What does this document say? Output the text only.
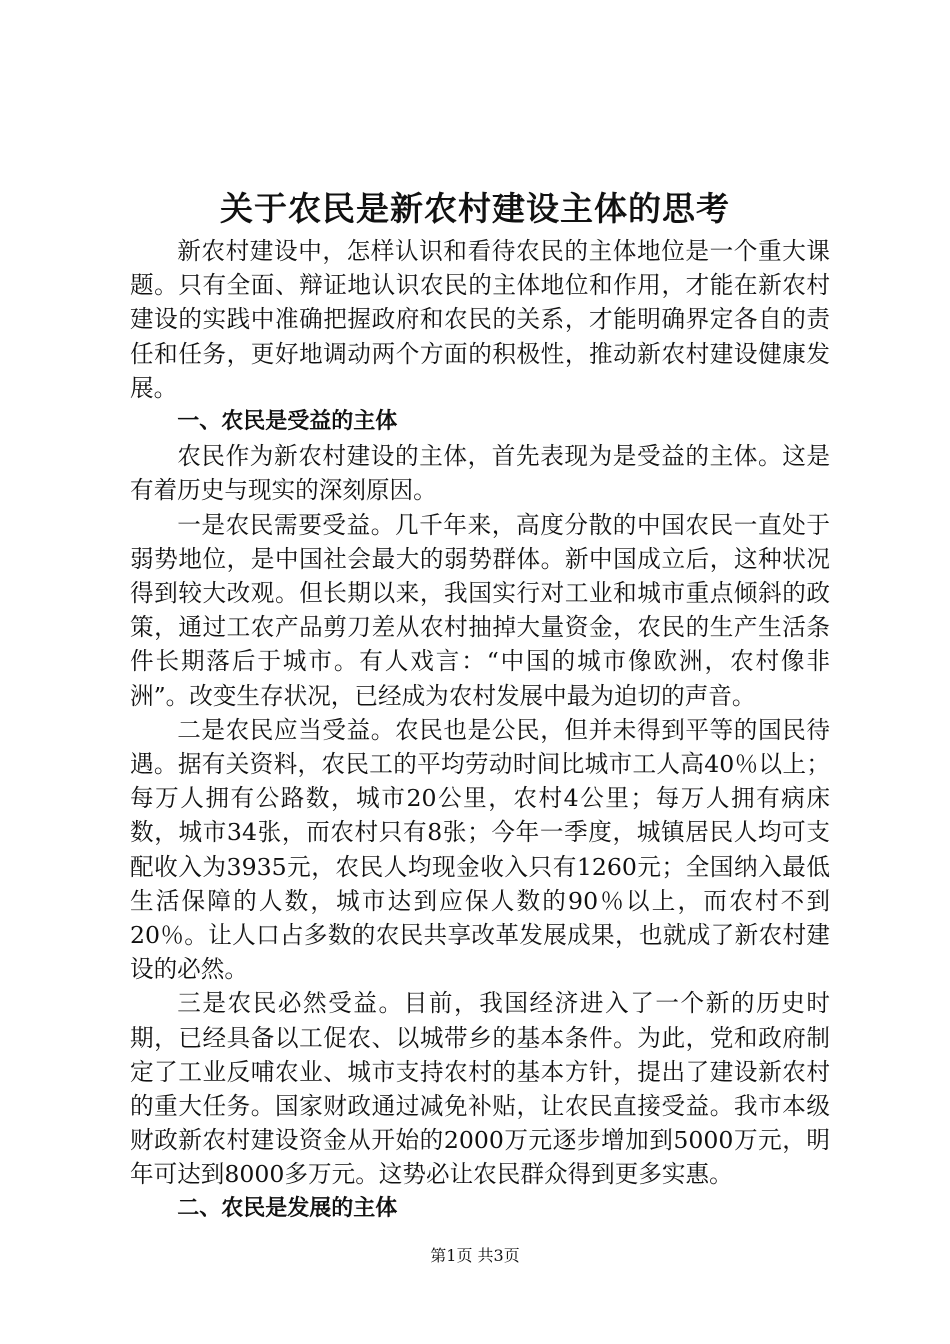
关于农民是新农村建设主体的思考

新农村建设中，怎样认识和看待农民的主体地位是一个重大课题。只有全面、辩证地认识农民的主体地位和作用，才能在新农村建设的实践中准确把握政府和农民的关系，才能明确界定各自的责任和任务，更好地调动两个方面的积极性，推动新农村建设健康发展。

一、农民是受益的主体

农民作为新农村建设的主体，首先表现为是受益的主体。这是有着历史与现实的深刻原因。

一是农民需要受益。几千年来，高度分散的中国农民一直处于弱势地位，是中国社会最大的弱势群体。新中国成立后，这种状况得到较大改观。但长期以来，我国实行对工业和城市重点倾斜的政策，通过工农产品剪刀差从农村抽掉大量资金，农民的生产生活条件长期落后于城市。有人戏言：“中国的城市像欧洲，农村像非洲”。改变生存状况，已经成为农村发展中最为迫切的声音。

二是农民应当受益。农民也是公民，但并未得到平等的国民待遇。据有关资料，农民工的平均劳动时间比城市工人高40％以上；每万人拥有公路数，城市20公里，农村4公里；每万人拥有病床数，城市34张，而农村只有8张；今年一季度，城镇居民人均可支配收入为3935元，农民人均现金收入只有1260元；全国纳入最低生活保障的人数，城市达到应保人数的90％以上，而农村不到20％。让人口占多数的农民共享改革发展成果，也就成了新农村建设的必然。

三是农民必然受益。目前，我国经济进入了一个新的历史时期，已经具备以工促农、以城带乡的基本条件。为此，党和政府制定了工业反哺农业、城市支持农村的基本方针，提出了建设新农村的重大任务。国家财政通过减免补贴，让农民直接受益。我市本级财政新农村建设资金从开始的2000万元逐步增加到5000万元，明年可达到8000多万元。这势必让农民群众得到更多实惠。

二、农民是发展的主体

第1页 共3页
